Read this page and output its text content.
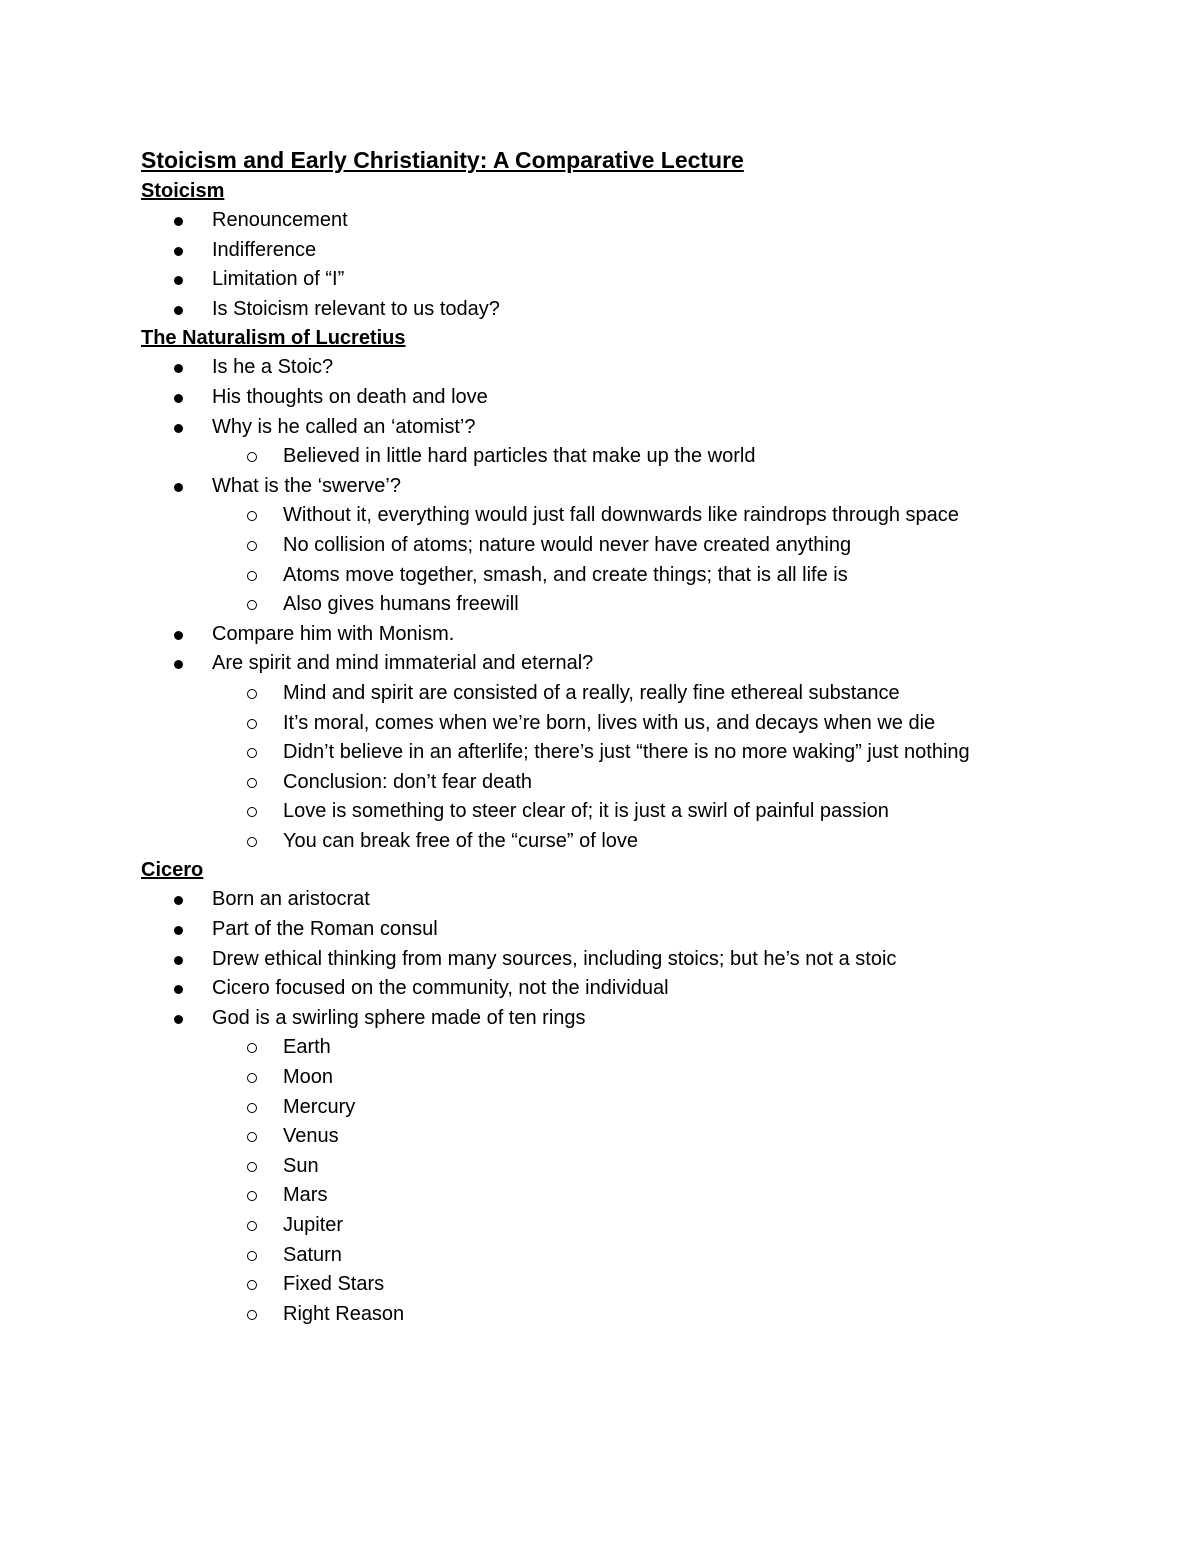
Stoicism and Early Christianity: A Comparative Lecture
Stoicism
Renouncement
Indifference
Limitation of “I”
Is Stoicism relevant to us today?
The Naturalism of Lucretius
Is he a Stoic?
His thoughts on death and love
Why is he called an ‘atomist’?
Believed in little hard particles that make up the world
What is the ‘swerve’?
Without it, everything would just fall downwards like raindrops through space
No collision of atoms; nature would never have created anything
Atoms move together, smash, and create things; that is all life is
Also gives humans freewill
Compare him with Monism.
Are spirit and mind immaterial and eternal?
Mind and spirit are consisted of a really, really fine ethereal substance
It’s moral, comes when we’re born, lives with us, and decays when we die
Didn’t believe in an afterlife; there’s just “there is no more waking” just nothing
Conclusion: don’t fear death
Love is something to steer clear of; it is just a swirl of painful passion
You can break free of the “curse” of love
Cicero
Born an aristocrat
Part of the Roman consul
Drew ethical thinking from many sources, including stoics; but he’s not a stoic
Cicero focused on the community, not the individual
God is a swirling sphere made of ten rings
Earth
Moon
Mercury
Venus
Sun
Mars
Jupiter
Saturn
Fixed Stars
Right Reason
